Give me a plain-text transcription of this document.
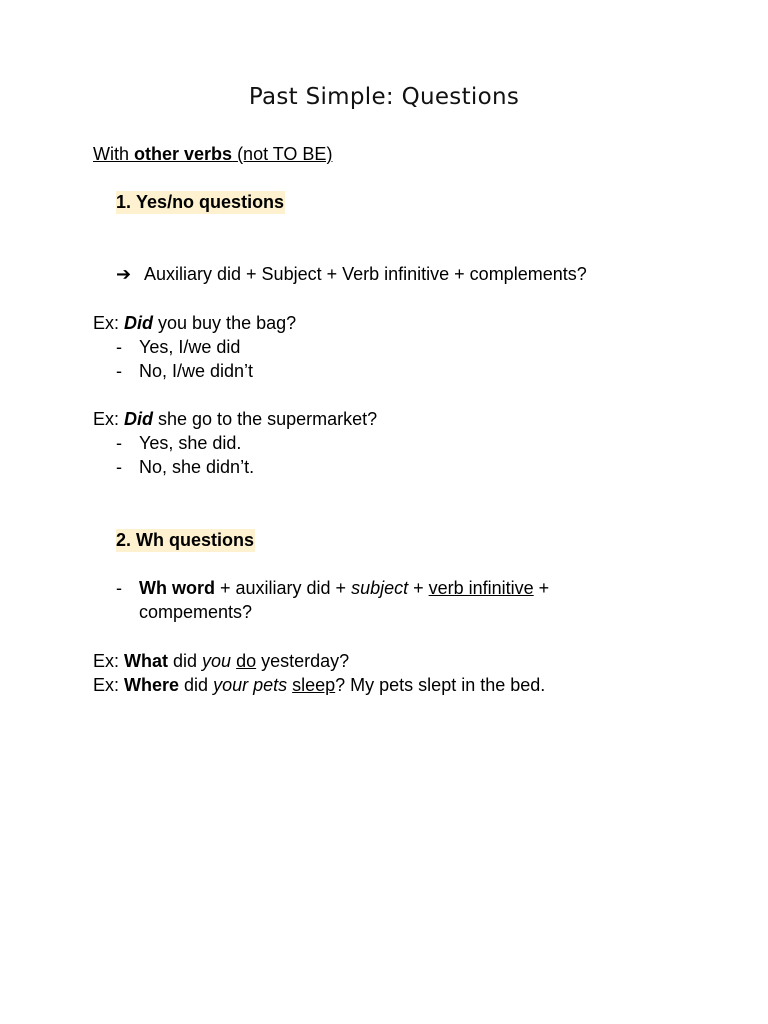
Past Simple: Questions
With other verbs (not TO BE)
1. Yes/no questions
➔ Auxiliary did + Subject + Verb infinitive + complements?
Ex: Did you buy the bag?
- Yes, I/we did
- No, I/we didn’t
Ex: Did she go to the supermarket?
- Yes, she did.
- No, she didn’t.
2. Wh questions
- Wh word + auxiliary did + subject + verb infinitive +
compements?
Ex: What did you do yesterday?
Ex: Where did your pets sleep? My pets slept in the bed.
